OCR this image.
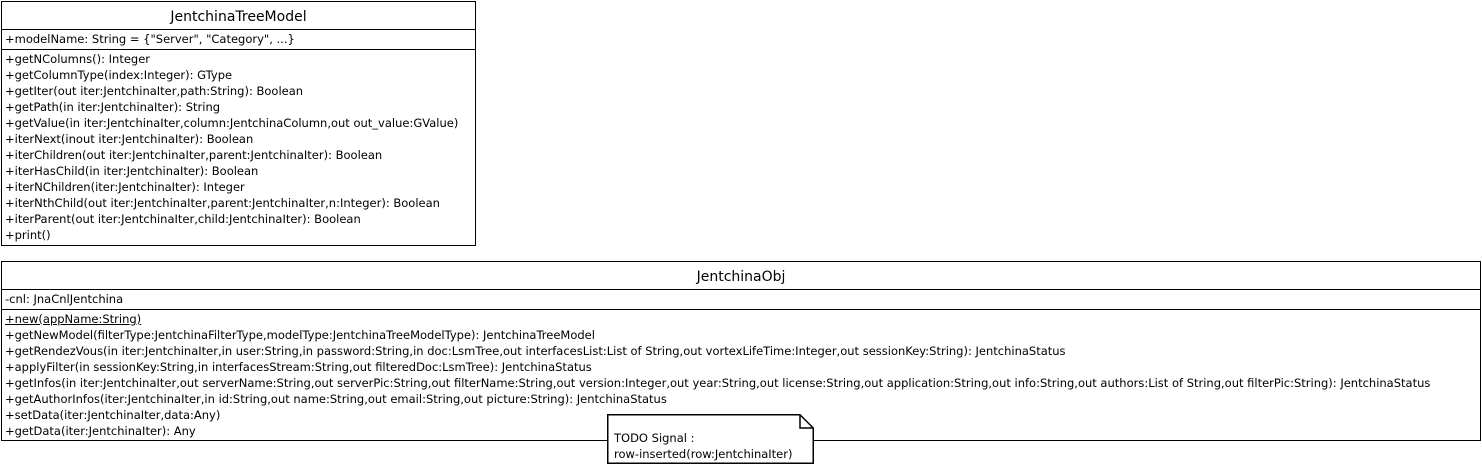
JentchinaTreeModel
+modelName: String = {"Server", "Category", ...}
+getNColumns(): Integer
+getColumnType(index:Integer): GType
+getIter(out iter:JentchinaIter,path:String): Boolean
+getPath(in iter:JentchinaIter): String
+getValue(in iter:JentchinaIter,column:JentchinaColumn,out out_value:GValue)
+iterNext(inout iter:JentchinaIter): Boolean
+iterChildren(out iter:JentchinaIter,parent:JentchinaIter): Boolean
+iterHasChild(in iter:JentchinaIter): Boolean
+iterNChildren(iter:JentchinaIter): Integer
+iterNthChild(out iter:JentchinaIter,parent:JentchinaIter,n:Integer): Boolean
+iterParent(out iter:JentchinaIter,child:JentchinaIter): Boolean
+print()
JentchinaObj
-cnl: JnaCnlJentchina
+new(appName:String)
+getNewModel(filterType:JentchinaFilterType,modelType:JentchinaTreeModelType): JentchinaTreeModel
+getRendezVous(in iter:JentchinaIter,in user:String,in password:String,in doc:LsmTree,out interfacesList:List of String,out vortexLifeTime:Integer,out sessionKey:String): JentchinaStatus
+applyFilter(in sessionKey:String,in interfacesStream:String,out filteredDoc:LsmTree): JentchinaStatus
+getInfos(in iter:JentchinaIter,out serverName:String,out serverPic:String,out filterName:String,out version:Integer,out year:String,out license:String,out application:String,out info:String,out authors:List of String,out filterPic:String): JentchinaStatus
+getAuthorInfos(iter:JentchinaIter,in id:String,out name:String,out email:String,out picture:String): JentchinaStatus
+setData(iter:JentchinaIter,data:Any)
+getData(iter:JentchinaIter): Any	TODO Signal :
row-inserted(row:JentchinaIter)
